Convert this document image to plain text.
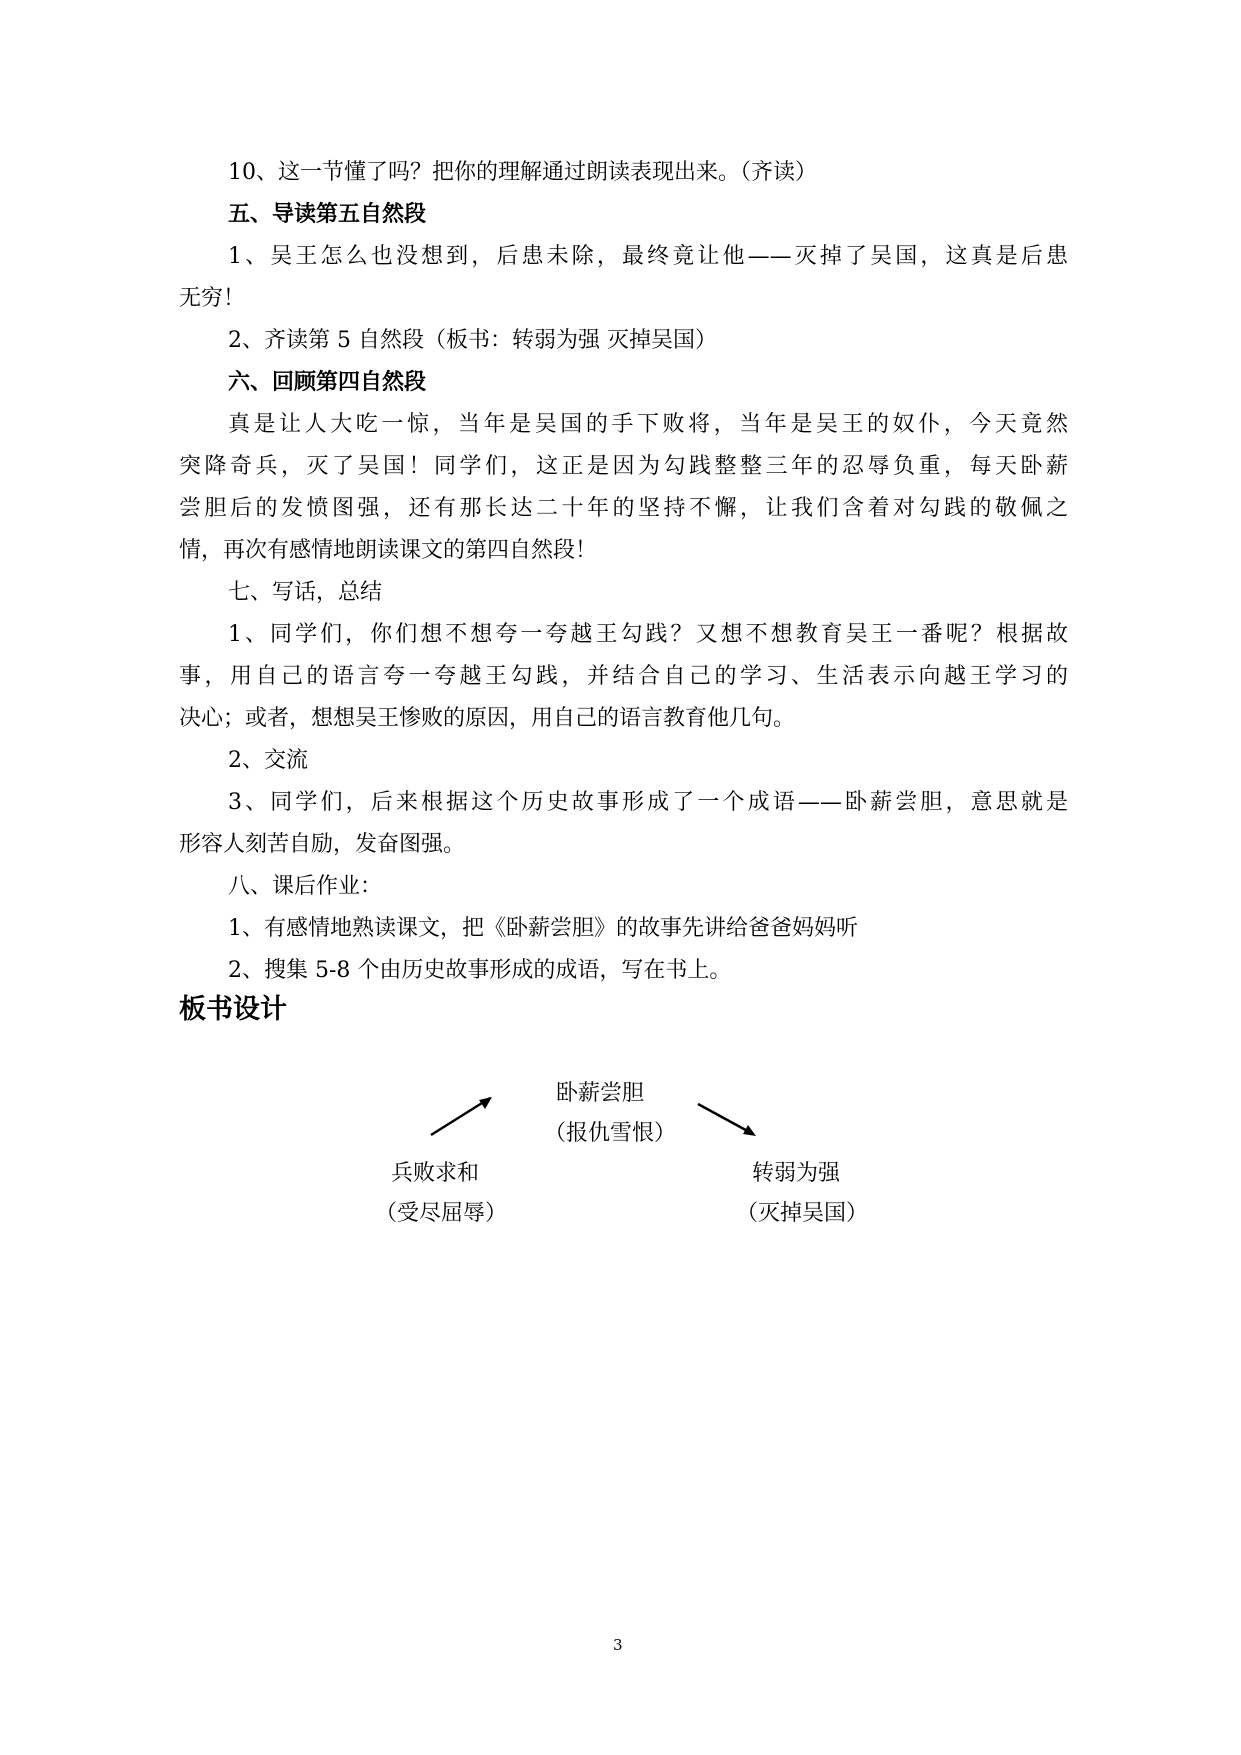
10、这一节懂了吗？把你的理解通过朗读表现出来。（齐读）
五、导读第五自然段
1、吴王怎么也没想到，后患未除，最终竟让他——灭掉了吴国，这真是后患
无穷！
2、齐读第 5 自然段（板书：转弱为强 灭掉吴国）
六、回顾第四自然段
真是让人大吃一惊，当年是吴国的手下败将，当年是吴王的奴仆，今天竟然
突降奇兵，灭了吴国！同学们，这正是因为勾践整整三年的忍辱负重，每天卧薪
尝胆后的发愤图强，还有那长达二十年的坚持不懈，让我们含着对勾践的敬佩之
情，再次有感情地朗读课文的第四自然段！
七、写话，总结
1、同学们，你们想不想夸一夸越王勾践？又想不想教育吴王一番呢？根据故
事，用自己的语言夸一夸越王勾践，并结合自己的学习、生活表示向越王学习的
决心；或者，想想吴王惨败的原因，用自己的语言教育他几句。
2、交流
3、同学们，后来根据这个历史故事形成了一个成语——卧薪尝胆，意思就是
形容人刻苦自励，发奋图强。
八、课后作业：
1、有感情地熟读课文，把《卧薪尝胆》的故事先讲给爸爸妈妈听
2、搜集 5-8 个由历史故事形成的成语，写在书上。
板书设计
卧薪尝胆
（报仇雪恨）
兵败求和
（受尽屈辱）
转弱为强
（灭掉吴国）
3
